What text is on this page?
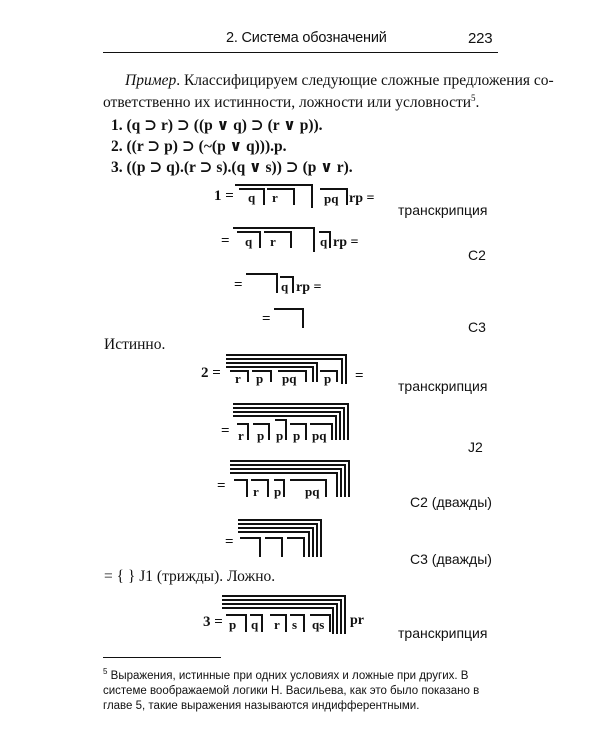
2. Система обозначений	223
Пример. Классифицируем следующие сложные предложения со-
ответственно их истинности, ложности или условности$^5$.
1. (q ⊃ r) ⊃ ((p ∨ q) ⊃ (r ∨ p)).
2. ((r ⊃ p) ⊃ (~(p ∨ q))).p.
3. ((p ⊃ q).(r ⊃ s).(q ∨ s)) ⊃ (p ∨ r).
1 = q r	pq rp =
транскрипция
= q r	q rp =
C2
=	q rp =
=	C3
Истинно.
2 = r p pq p =
транскрипция
= r p p p pq
J2
= r p pq
C2 (дважды)
=
C3 (дважды)
= { } J1 (трижды). Ложно.
3 = p q r s qs pr
транскрипция
$^5$ Выражения, истинные при одних условиях и ложные при других. В системе воображаемой логики Н. Васильева, как это было показано в главе 5, такие выражения называются индифферентными.
